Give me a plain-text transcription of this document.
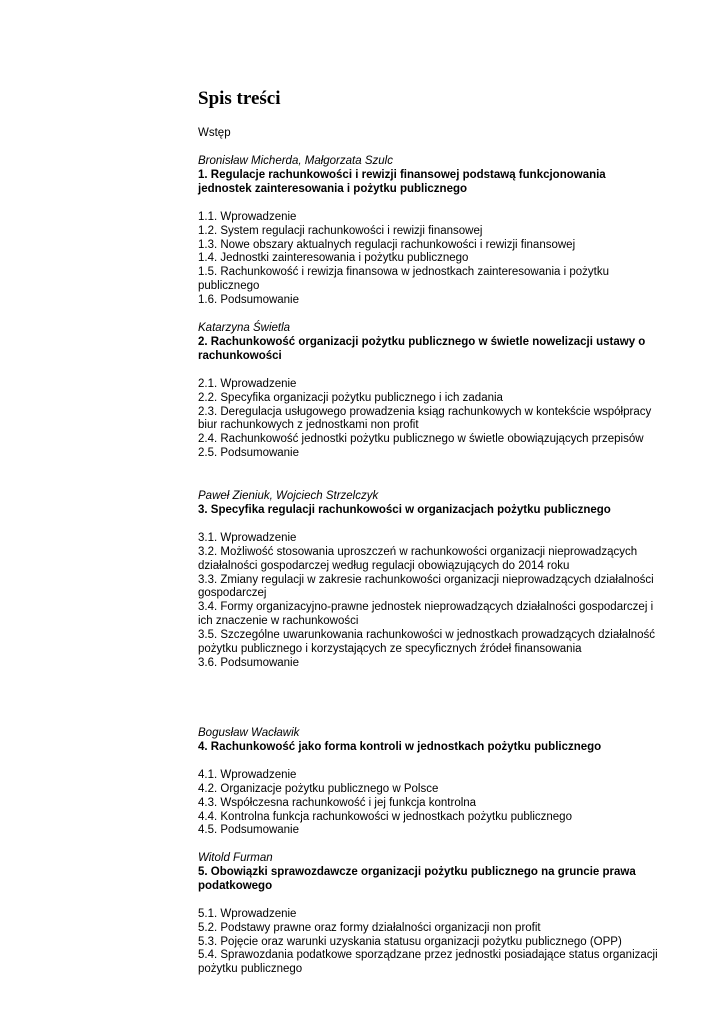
Spis treści
Wstęp
Bronisław Micherda, Małgorzata Szulc
1. Regulacje rachunkowości i rewizji finansowej podstawą funkcjonowania jednostek zainteresowania i pożytku publicznego

1.1. Wprowadzenie

1.2. System regulacji rachunkowości i rewizji finansowej

1.3. Nowe obszary aktualnych regulacji rachunkowości i rewizji finansowej

1.4. Jednostki zainteresowania i pożytku publicznego

1.5. Rachunkowość i rewizja finansowa w jednostkach zainteresowania i pożytku publicznego

1.6. Podsumowanie

Katarzyna Świetla
2. Rachunkowość organizacji pożytku publicznego w świetle nowelizacji ustawy o rachunkowości

2.1. Wprowadzenie

2.2. Specyfika organizacji pożytku publicznego i ich zadania

2.3. Deregulacja usługowego prowadzenia ksiąg rachunkowych w kontekście współpracy biur rachunkowych z jednostkami non profit

2.4. Rachunkowość jednostki pożytku publicznego w świetle obowiązujących przepisów

2.5. Podsumowanie

Paweł Zieniuk, Wojciech Strzelczyk
3. Specyfika regulacji rachunkowości w organizacjach pożytku publicznego

3.1. Wprowadzenie

3.2. Możliwość stosowania uproszczeń w rachunkowości organizacji nieprowadzących działalności gospodarczej według regulacji obowiązujących do 2014 roku

3.3. Zmiany regulacji w zakresie rachunkowości organizacji nieprowadzących działalności gospodarczej

3.4. Formy organizacyjno-prawne jednostek nieprowadzących działalności gospodarczej i ich znaczenie w rachunkowości

3.5. Szczególne uwarunkowania rachunkowości w jednostkach prowadzących działalność pożytku publicznego i korzystających ze specyficznych źródeł finansowania

3.6. Podsumowanie

Bogusław Wacławik
4. Rachunkowość jako forma kontroli w jednostkach pożytku publicznego

4.1. Wprowadzenie

4.2. Organizacje pożytku publicznego w Polsce

4.3. Współczesna rachunkowość i jej funkcja kontrolna

4.4. Kontrolna funkcja rachunkowości w jednostkach pożytku publicznego

4.5. Podsumowanie

Witold Furman
5. Obowiązki sprawozdawcze organizacji pożytku publicznego na gruncie prawa podatkowego

5.1. Wprowadzenie

5.2. Podstawy prawne oraz formy działalności organizacji non profit

5.3. Pojęcie oraz warunki uzyskania statusu organizacji pożytku publicznego (OPP)

5.4. Sprawozdania podatkowe sporządzane przez jednostki posiadające status organizacji pożytku publicznego
